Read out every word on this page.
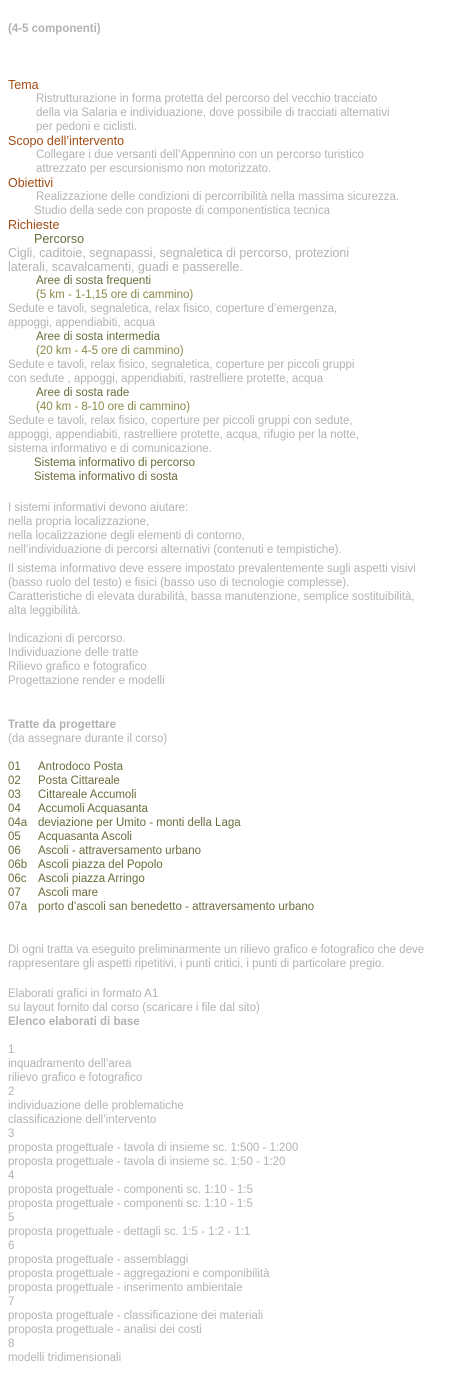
(4-5 componenti)
Tema
Ristrutturazione in forma protetta del percorso del vecchio tracciato
della via Salaria e individuazione, dove possibile di tracciati alternativi
per pedoni e ciclisti.
Scopo dell’intervento
Collegare i due versanti dell’Appennino con un percorso turistico
attrezzato per escursionismo non motorizzato.
Obiettivi
Realizzazione delle condizioni di percorribilità nella massima sicurezza.
Studio della sede con proposte di componentistica tecnica
Richieste
Percorso
Cigli, caditoie, segnapassi, segnaletica di percorso, protezioni
laterali, scavalcamenti, guadi e passerelle.
Aree di sosta frequenti
(5 km - 1-1,15 ore di cammino)
Sedute e tavoli, segnaletica, relax fisico, coperture d’emergenza,
appoggi, appendiabiti, acqua
Aree di sosta intermedia
(20 km - 4-5 ore di cammino)
Sedute e tavoli, relax fisico, segnaletica, coperture per piccoli gruppi
con sedute , appoggi, appendiabiti, rastrelliere protette, acqua
Aree di sosta rade
(40 km - 8-10 ore di cammino)
Sedute e tavoli, relax fisico, coperture per piccoli gruppi con sedute,
appoggi, appendiabiti, rastrelliere protette, acqua, rifugio per la notte,
sistema informativo e di comunicazione.
Sistema informativo di percorso
Sistema informativo di sosta
I sistemi informativi devono aiutare:
nella propria localizzazione,
nella localizzazione degli elementi di contorno,
nell’individuazione di percorsi alternativi (contenuti e tempistiche).
Il sistema informativo deve essere impostato prevalentemente sugli aspetti visivi
(basso ruolo del testo) e fisici (basso uso di tecnologie complesse).
Caratteristiche di elevata durabilità, bassa manutenzione, semplice sostituibilità,
alta leggibilità.
Indicazioni di percorso.
Individuazione delle tratte
Rilievo grafico e fotografico
Progettazione render e modelli
Tratte da progettare
(da assegnare durante il corso)
01 Antrodoco Posta
02 Posta Cittareale
03 Cittareale Accumoli
04 Accumoli Acquasanta
04a deviazione per Umito - monti della Laga
05 Acquasanta Ascoli
06 Ascoli - attraversamento urbano
06b Ascoli piazza del Popolo
06c Ascoli piazza Arringo
07 Ascoli mare
07a porto d’ascoli san benedetto - attraversamento urbano
Di ogni tratta va eseguito preliminarmente un rilievo grafico e fotografico che deve
rappresentare gli aspetti ripetitivi, i punti critici, i punti di particolare pregio.
Elaborati grafici in formato A1
su layout fornito dal corso (scaricare i file dal sito)
Elenco elaborati di base
1
inquadramento dell’area
rilievo grafico e fotografico
2
individuazione delle problematiche
classificazione dell’intervento
3
proposta progettuale - tavola di insieme sc. 1:500 - 1:200
proposta progettuale - tavola di insieme sc. 1:50 - 1:20
4
proposta progettuale - componenti sc. 1:10 - 1:5
proposta progettuale - componenti sc. 1:10 - 1:5
5
proposta progettuale - dettagli sc. 1:5 - 1:2 - 1:1
6
proposta progettuale - assemblaggi
proposta progettuale - aggregazioni e componibilità
proposta progettuale - inserimento ambientale
7
proposta progettuale - classificazione dei materiali
proposta progettuale - analisi dei costi
8
modelli tridimensionali
